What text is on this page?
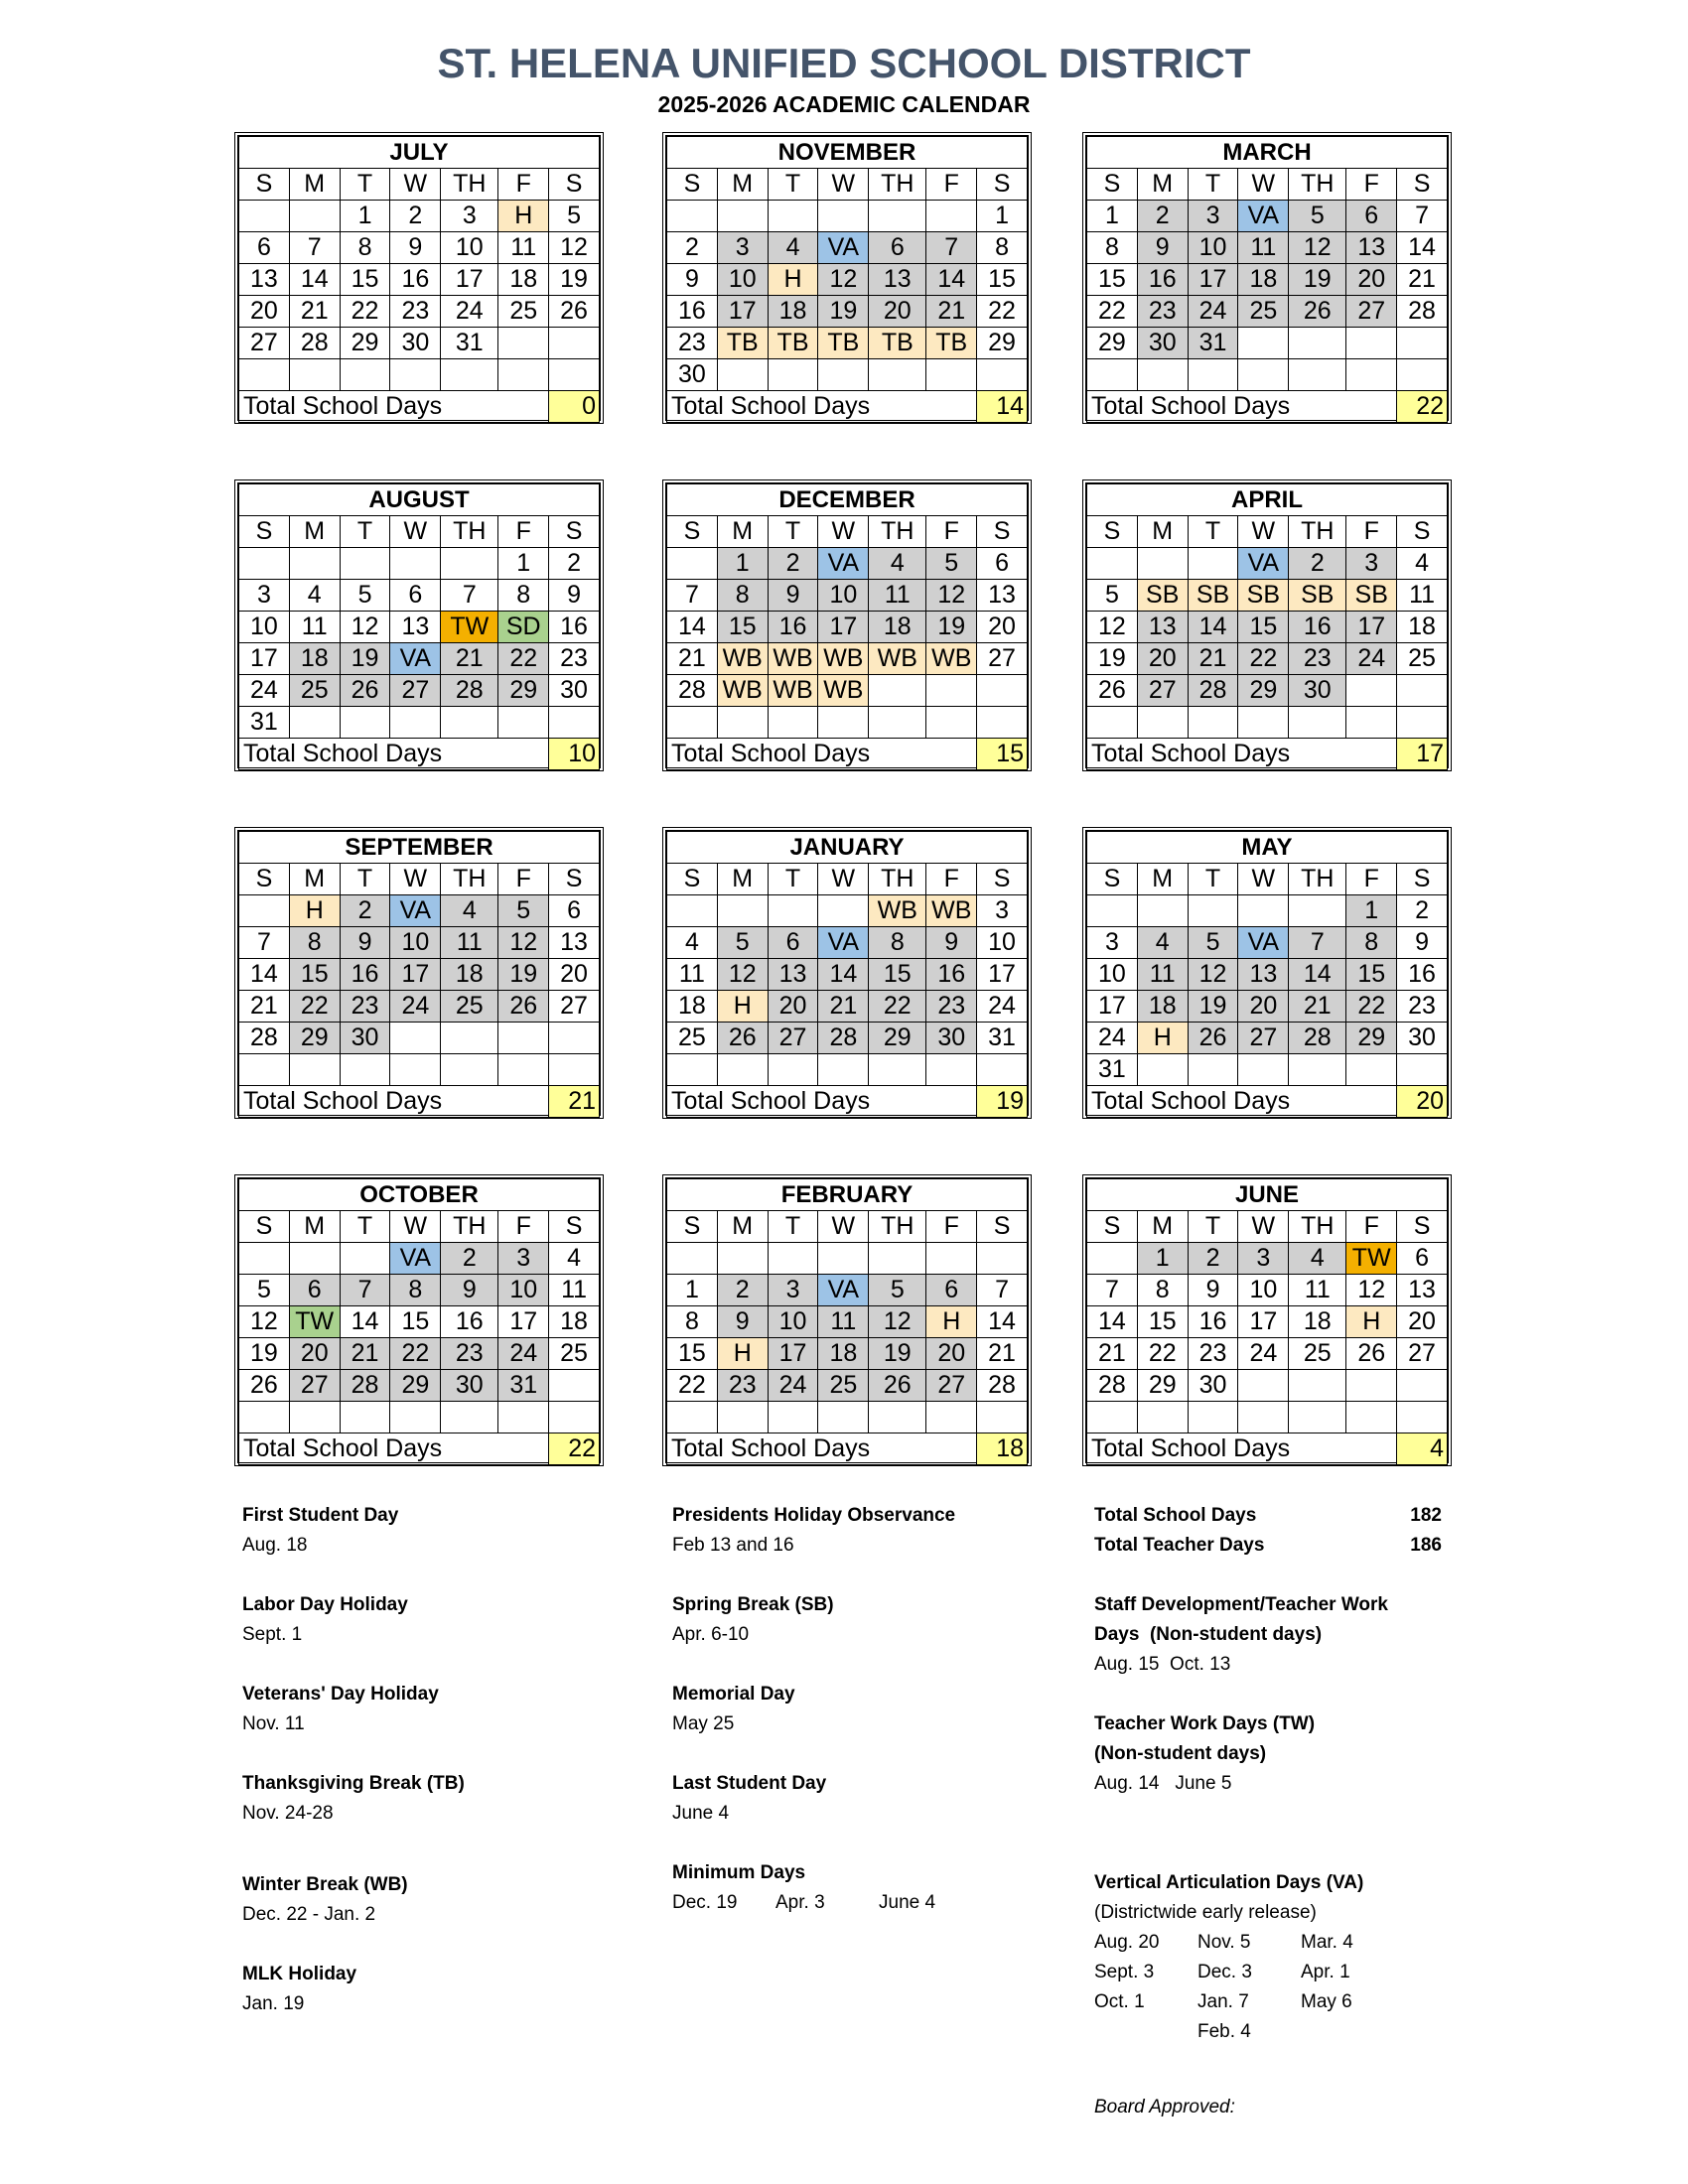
ST. HELENA UNIFIED SCHOOL DISTRICT
2025-2026 ACADEMIC CALENDAR
JULY						
S	M	T	W	TH	F	S
		1	2	3	H	5
6	7	8	9	10	11	12
13	14	15	16	17	18	19
20	21	22	23	24	25	26
27	28	29	30	31		

Total School Days						0
AUGUST						
S	M	T	W	TH	F	S
					1	2
3	4	5	6	7	8	9
10	11	12	13	TW	SD	16
17	18	19	VA	21	22	23
24	25	26	27	28	29	30
31						
Total School Days						10
SEPTEMBER						
S	M	T	W	TH	F	S
	H	2	VA	4	5	6
7	8	9	10	11	12	13
14	15	16	17	18	19	20
21	22	23	24	25	26	27
28	29	30				

Total School Days						21
OCTOBER						
S	M	T	W	TH	F	S
			VA	2	3	4
5	6	7	8	9	10	11
12	TW	14	15	16	17	18
19	20	21	22	23	24	25
26	27	28	29	30	31	

Total School Days						22
NOVEMBER						
S	M	T	W	TH	F	S
						1
2	3	4	VA	6	7	8
9	10	H	12	13	14	15
16	17	18	19	20	21	22
23	TB	TB	TB	TB	TB	29
30						
Total School Days						14
DECEMBER						
S	M	T	W	TH	F	S
	1	2	VA	4	5	6
7	8	9	10	11	12	13
14	15	16	17	18	19	20
21	WB	WB	WB	WB	WB	27
28	WB	WB	WB			

Total School Days						15
JANUARY						
S	M	T	W	TH	F	S
				WB	WB	3
4	5	6	VA	8	9	10
11	12	13	14	15	16	17
18	H	20	21	22	23	24
25	26	27	28	29	30	31

Total School Days						19
FEBRUARY						
S	M	T	W	TH	F	S

1	2	3	VA	5	6	7
8	9	10	11	12	H	14
15	H	17	18	19	20	21
22	23	24	25	26	27	28

Total School Days						18
MARCH						
S	M	T	W	TH	F	S
1	2	3	VA	5	6	7
8	9	10	11	12	13	14
15	16	17	18	19	20	21
22	23	24	25	26	27	28
29	30	31				

Total School Days						22
APRIL						
S	M	T	W	TH	F	S
			VA	2	3	4
5	SB	SB	SB	SB	SB	11
12	13	14	15	16	17	18
19	20	21	22	23	24	25
26	27	28	29	30		

Total School Days						17
MAY						
S	M	T	W	TH	F	S
					1	2
3	4	5	VA	7	8	9
10	11	12	13	14	15	16
17	18	19	20	21	22	23
24	H	26	27	28	29	30
31						
Total School Days						20
JUNE						
S	M	T	W	TH	F	S
	1	2	3	4	TW	6
7	8	9	10	11	12	13
14	15	16	17	18	H	20
21	22	23	24	25	26	27
28	29	30				

Total School Days						4
First Student Day
Aug. 18
Labor Day Holiday
Sept. 1
Veterans' Day Holiday
Nov. 11
Thanksgiving Break (TB)
Nov. 24-28
Winter Break (WB)
Dec. 22 - Jan. 2
MLK Holiday
Jan. 19
Presidents Holiday Observance
Feb 13 and 16
Spring Break (SB)
Apr. 6-10
Memorial Day
May 25
Last Student Day
June 4
Minimum Days
Dec. 19 Apr. 3	June 4
Total School Days	182
Total Teacher Days	186
Staff Development/Teacher Work
Days  (Non-student days)
Aug. 15  Oct. 13
Teacher Work Days (TW)
(Non-student days)
Aug. 14   June 5
Vertical Articulation Days (VA)
(Districtwide early release)
Aug. 20 Nov. 5	Mar. 4
Sept. 3 Dec. 3	Apr. 1
Oct. 1	Jan. 7	May 6
Feb. 4
Board Approved:
